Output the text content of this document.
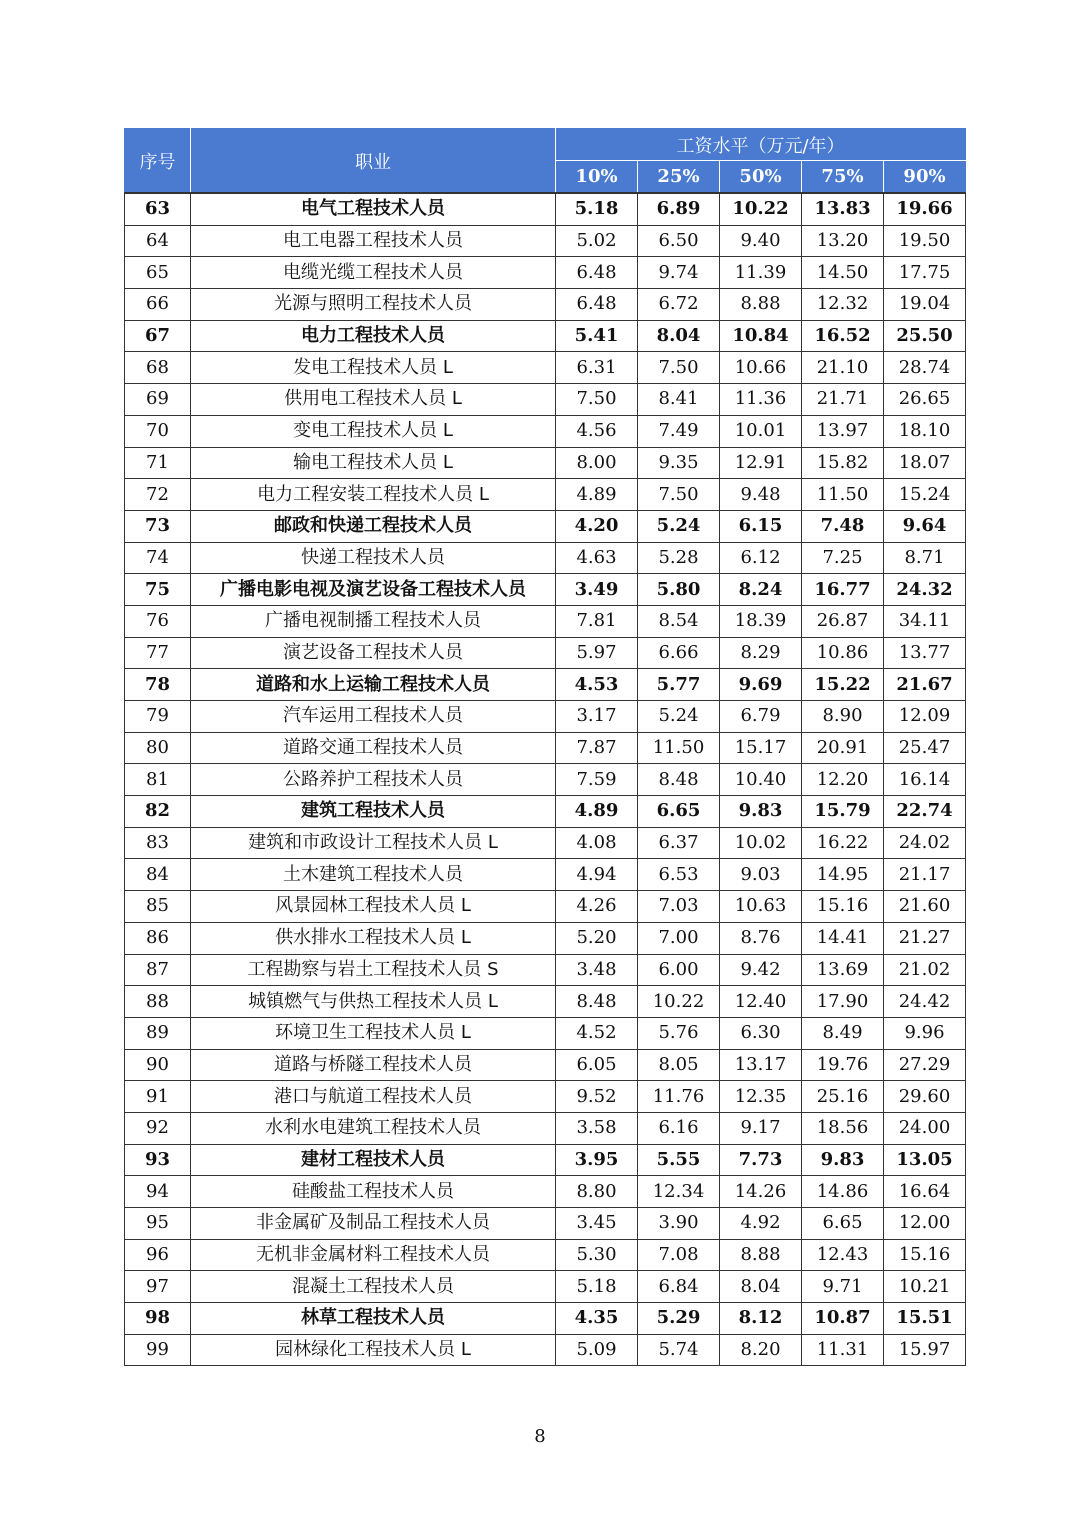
序号	职业	工资水平（万元/年）				
		10%	25%	50%	75%	90%
63	电气工程技术人员	5.18	6.89	10.22	13.83	19.66
64	电工电器工程技术人员	5.02	6.50	9.40	13.20	19.50
65	电缆光缆工程技术人员	6.48	9.74	11.39	14.50	17.75
66	光源与照明工程技术人员	6.48	6.72	8.88	12.32	19.04
67	电力工程技术人员	5.41	8.04	10.84	16.52	25.50
68	发电工程技术人员 L	6.31	7.50	10.66	21.10	28.74
69	供用电工程技术人员 L	7.50	8.41	11.36	21.71	26.65
70	变电工程技术人员 L	4.56	7.49	10.01	13.97	18.10
71	输电工程技术人员 L	8.00	9.35	12.91	15.82	18.07
72	电力工程安装工程技术人员 L	4.89	7.50	9.48	11.50	15.24
73	邮政和快递工程技术人员	4.20	5.24	6.15	7.48	9.64
74	快递工程技术人员	4.63	5.28	6.12	7.25	8.71
75	广播电影电视及演艺设备工程技术人员	3.49	5.80	8.24	16.77	24.32
76	广播电视制播工程技术人员	7.81	8.54	18.39	26.87	34.11
77	演艺设备工程技术人员	5.97	6.66	8.29	10.86	13.77
78	道路和水上运输工程技术人员	4.53	5.77	9.69	15.22	21.67
79	汽车运用工程技术人员	3.17	5.24	6.79	8.90	12.09
80	道路交通工程技术人员	7.87	11.50	15.17	20.91	25.47
81	公路养护工程技术人员	7.59	8.48	10.40	12.20	16.14
82	建筑工程技术人员	4.89	6.65	9.83	15.79	22.74
83	建筑和市政设计工程技术人员 L	4.08	6.37	10.02	16.22	24.02
84	土木建筑工程技术人员	4.94	6.53	9.03	14.95	21.17
85	风景园林工程技术人员 L	4.26	7.03	10.63	15.16	21.60
86	供水排水工程技术人员 L	5.20	7.00	8.76	14.41	21.27
87	工程勘察与岩土工程技术人员 S	3.48	6.00	9.42	13.69	21.02
88	城镇燃气与供热工程技术人员 L	8.48	10.22	12.40	17.90	24.42
89	环境卫生工程技术人员 L	4.52	5.76	6.30	8.49	9.96
90	道路与桥隧工程技术人员	6.05	8.05	13.17	19.76	27.29
91	港口与航道工程技术人员	9.52	11.76	12.35	25.16	29.60
92	水利水电建筑工程技术人员	3.58	6.16	9.17	18.56	24.00
93	建材工程技术人员	3.95	5.55	7.73	9.83	13.05
94	硅酸盐工程技术人员	8.80	12.34	14.26	14.86	16.64
95	非金属矿及制品工程技术人员	3.45	3.90	4.92	6.65	12.00
96	无机非金属材料工程技术人员	5.30	7.08	8.88	12.43	15.16
97	混凝土工程技术人员	5.18	6.84	8.04	9.71	10.21
98	林草工程技术人员	4.35	5.29	8.12	10.87	15.51
99	园林绿化工程技术人员 L	5.09	5.74	8.20	11.31	15.97
8
